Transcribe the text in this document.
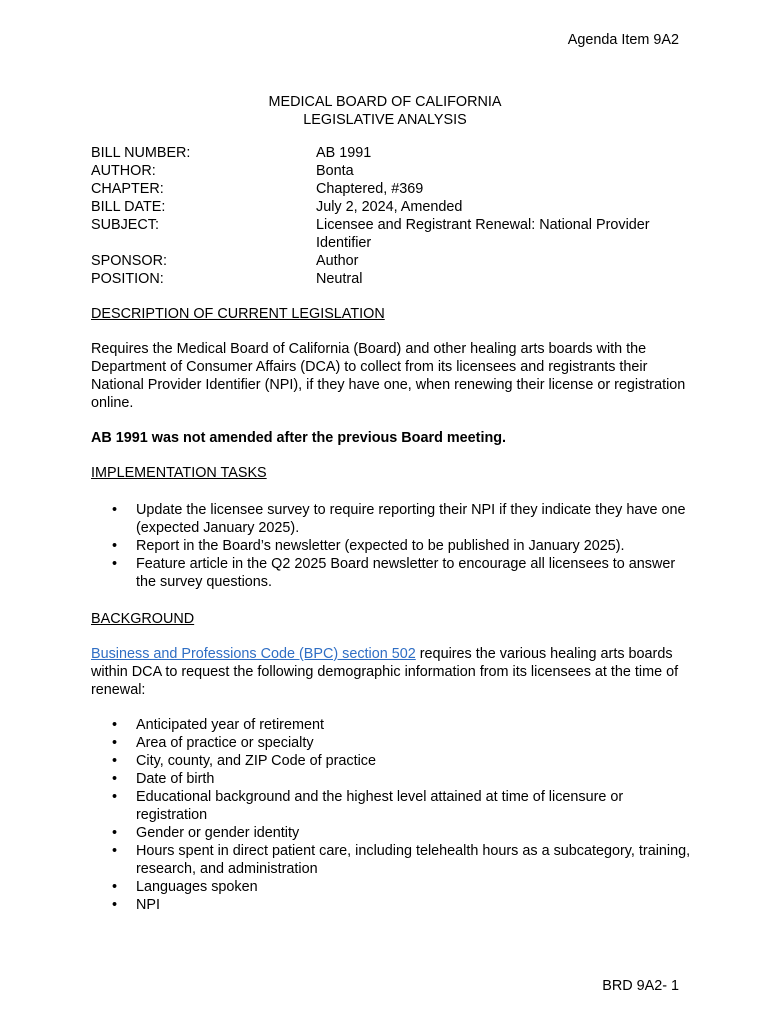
Agenda Item 9A2
MEDICAL BOARD OF CALIFORNIA
LEGISLATIVE ANALYSIS
BILL NUMBER:	AB 1991
AUTHOR:	Bonta
CHAPTER:	Chaptered, #369
BILL DATE:	July 2, 2024, Amended
SUBJECT:	Licensee and Registrant Renewal: National Provider Identifier
SPONSOR:	Author
POSITION:	Neutral
DESCRIPTION OF CURRENT LEGISLATION
Requires the Medical Board of California (Board) and other healing arts boards with the Department of Consumer Affairs (DCA) to collect from its licensees and registrants their National Provider Identifier (NPI), if they have one, when renewing their license or registration online.
AB 1991 was not amended after the previous Board meeting.
IMPLEMENTATION TASKS
• Update the licensee survey to require reporting their NPI if they indicate they have one (expected January 2025).
• Report in the Board’s newsletter (expected to be published in January 2025).
• Feature article in the Q2 2025 Board newsletter to encourage all licensees to answer the survey questions.
BACKGROUND
Business and Professions Code (BPC) section 502 requires the various healing arts boards within DCA to request the following demographic information from its licensees at the time of renewal:
• Anticipated year of retirement
• Area of practice or specialty
• City, county, and ZIP Code of practice
• Date of birth
• Educational background and the highest level attained at time of licensure or registration
• Gender or gender identity
• Hours spent in direct patient care, including telehealth hours as a subcategory, training, research, and administration
• Languages spoken
• NPI
BRD 9A2- 1
